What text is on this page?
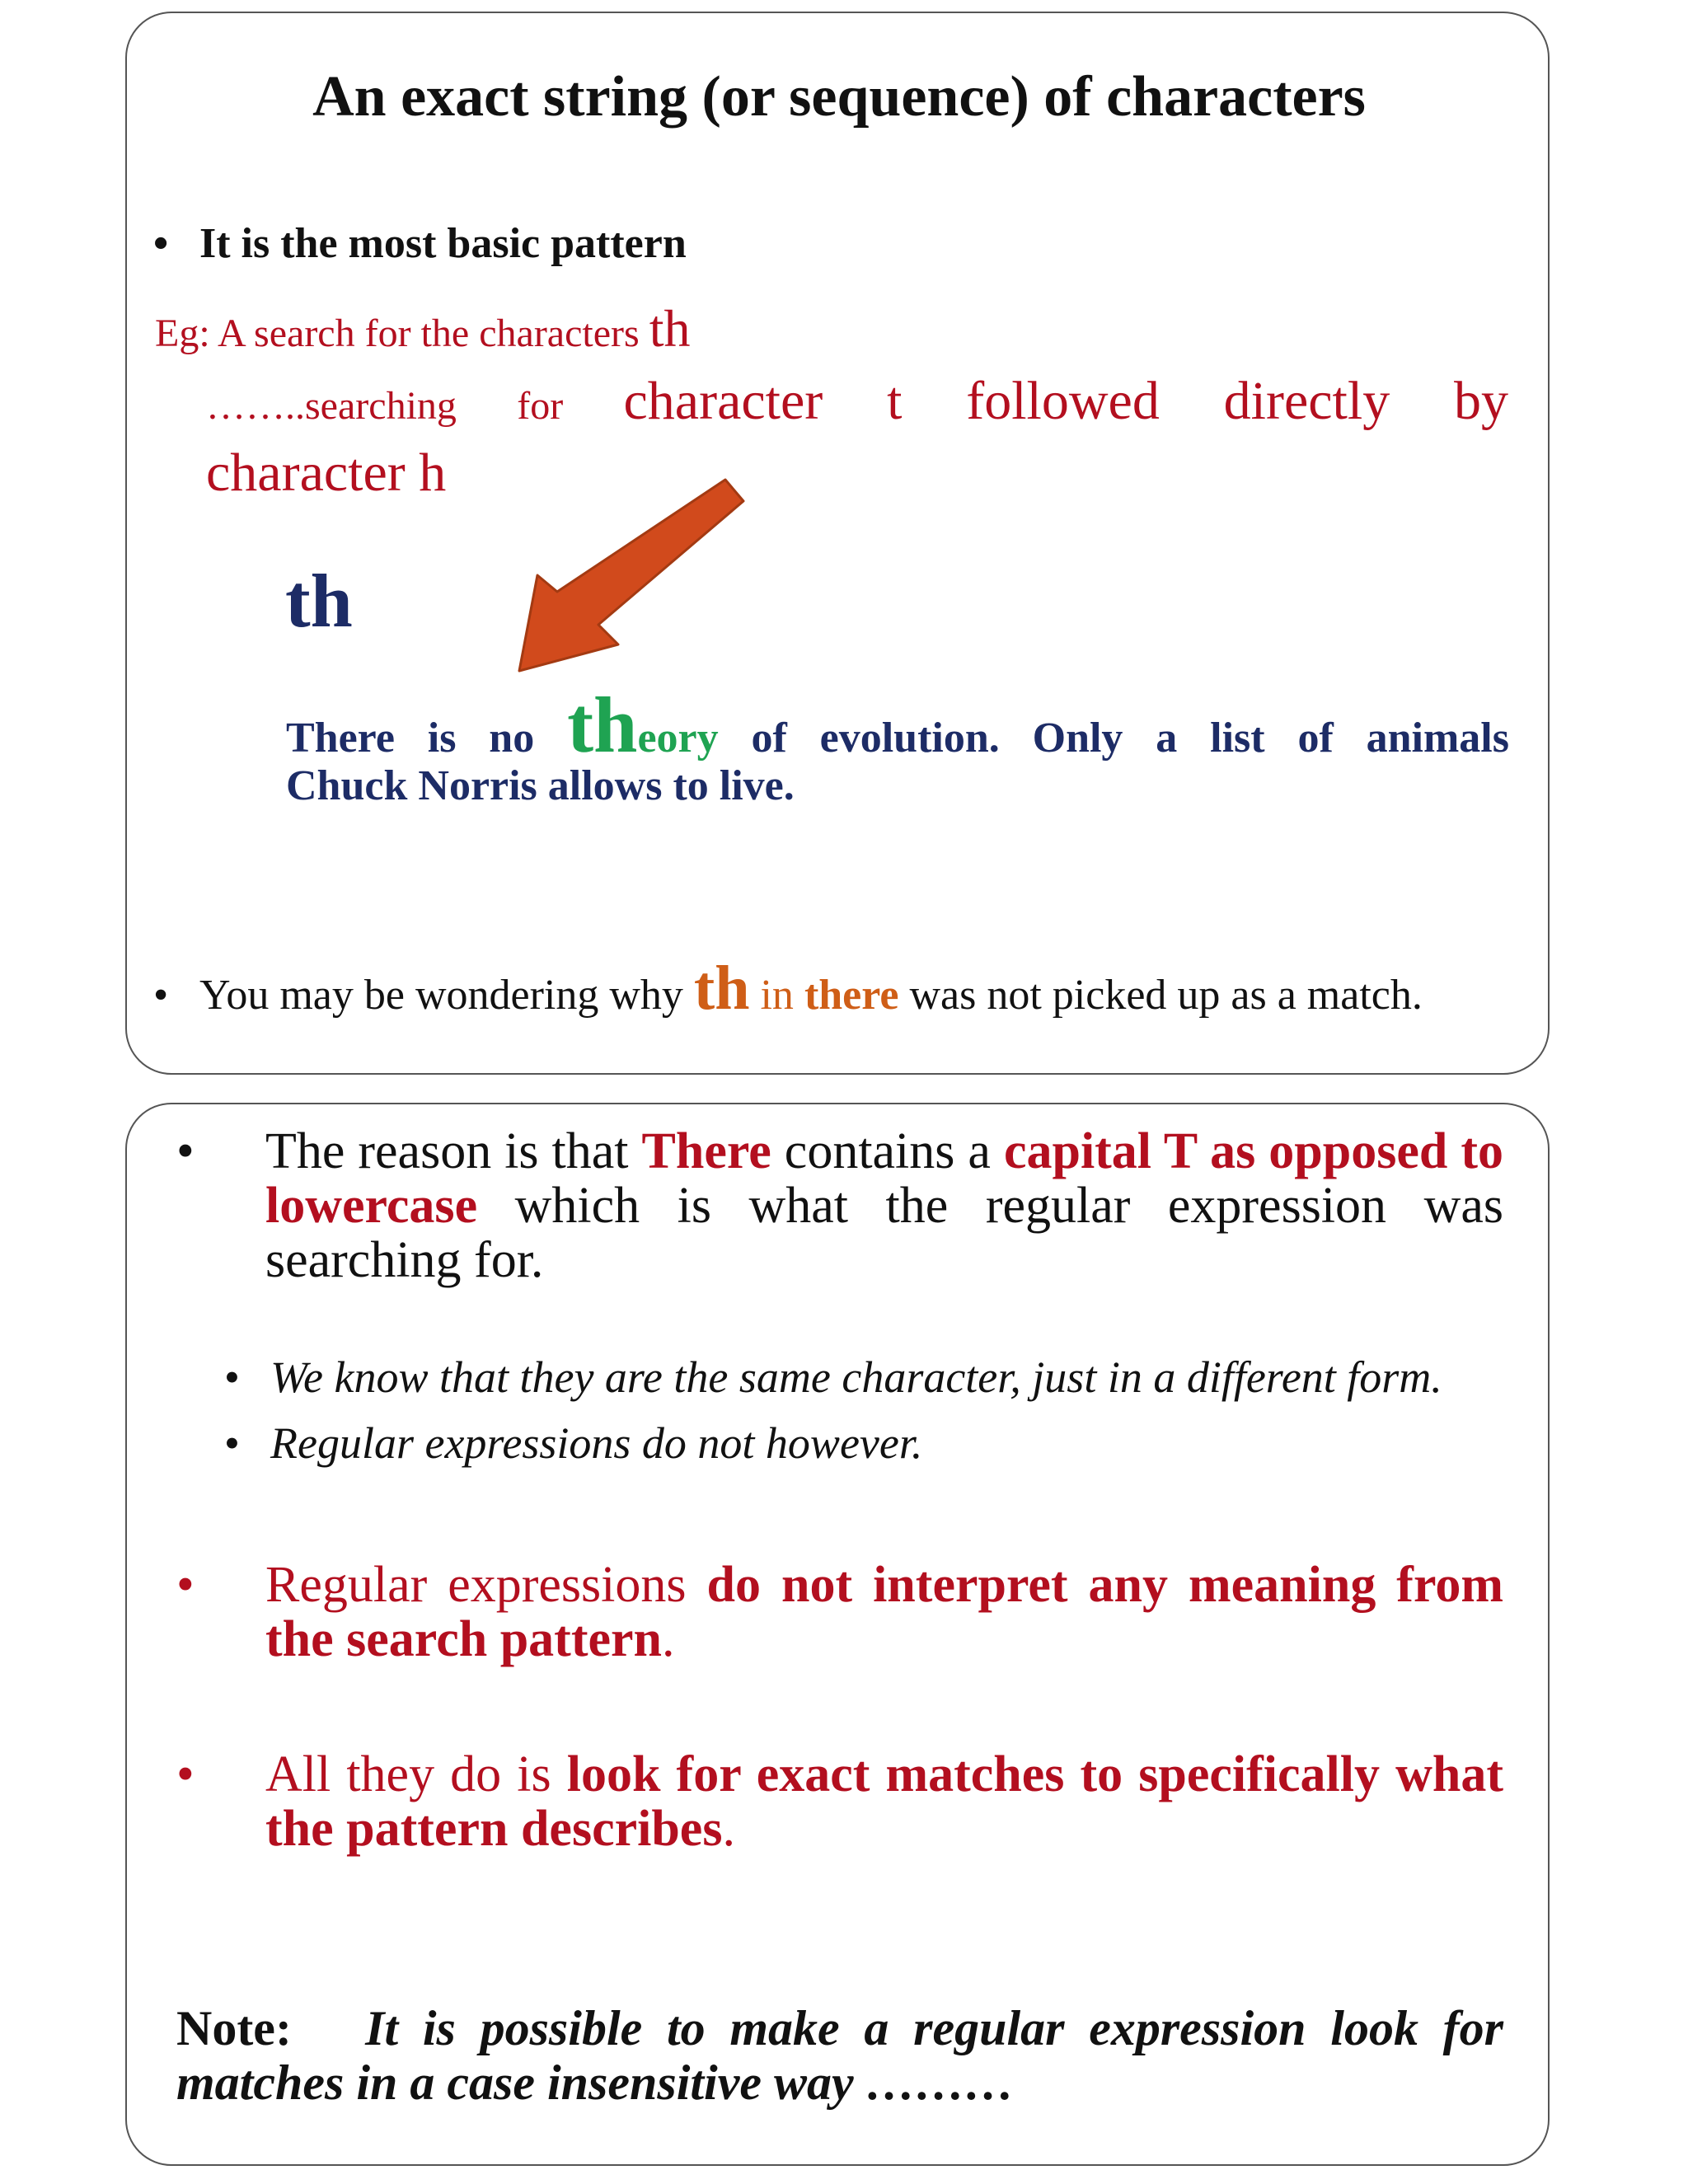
An exact string (or sequence) of characters

• It is the most basic pattern

Eg: A search for the characters th

……..searching for character t followed directly by

character h

th

There is no theory of evolution. Only a list of animals

Chuck Norris allows to live.

• You may be wondering why th in there was not picked up as a match.

• The reason is that There contains a capital T as opposed to lowercase which is what the regular expression was searching for.

• We know that they are the same character, just in a different form.

• Regular expressions do not however.

• Regular expressions do not interpret any meaning from the search pattern.
• All they do is look for exact matches to specifically what the pattern describes.

Note: It is possible to make a regular expression look for matches in a case insensitive way ………
